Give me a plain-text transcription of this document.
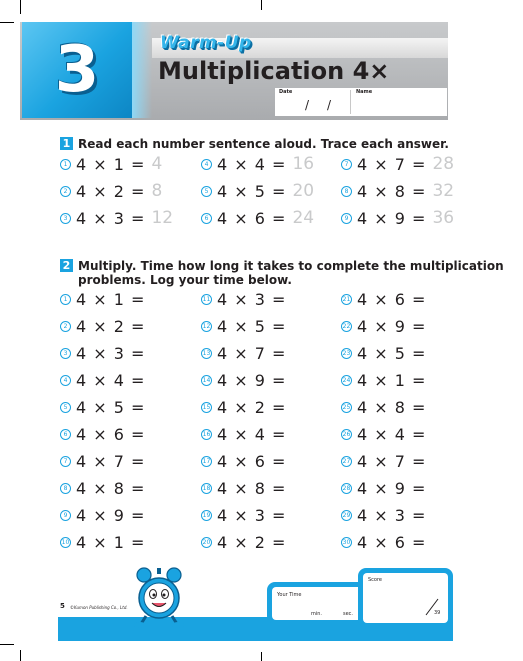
3	Warm-Up
Multiplication 4×
Date	Name
/ /
1 Read each number sentence aloud. Trace each answer.
1 4 × 1 = 4
2 4 × 2 = 8
3 4 × 3 = 12
4 4 × 4 = 16
5 4 × 5 = 20
6 4 × 6 = 24
7 4 × 7 = 28
8 4 × 8 = 32
9 4 × 9 = 36
2 Multiply. Time how long it takes to complete the multiplication
problems. Log your time below.
1 4 × 1 =
2 4 × 2 =
3 4 × 3 =
4 4 × 4 =
5 4 × 5 =
6 4 × 6 =
7 4 × 7 =
8 4 × 8 =
9 4 × 9 =
10 4 × 1 =
11 4 × 3 =
12 4 × 5 =
13 4 × 7 =
14 4 × 9 =
15 4 × 2 =
16 4 × 4 =
17 4 × 6 =
18 4 × 8 =
19 4 × 3 =
20 4 × 2 =
21 4 × 6 =
22 4 × 9 =
23 4 × 5 =
24 4 × 1 =
25 4 × 8 =
26 4 × 4 =
27 4 × 7 =
28 4 × 9 =
29 4 × 3 =
30 4 × 6 =
Your Time
min.	sec.
Score
39
5 ©Kumon Publishing Co., Ltd.
